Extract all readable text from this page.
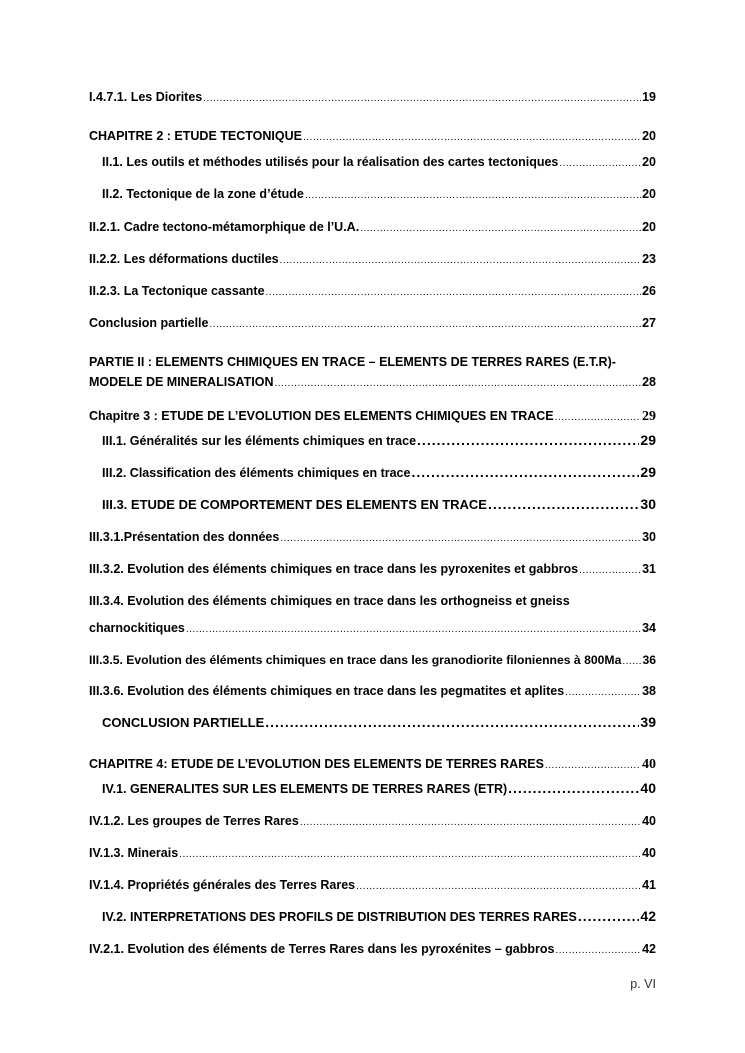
I.4.7.1. Les Diorites .....	19
CHAPITRE 2 : ETUDE TECTONIQUE .....	20
II.1. Les outils et méthodes utilisés pour la réalisation des cartes tectoniques .....	20
II.2. Tectonique de la zone d’étude .....	20
II.2.1. Cadre tectono-métamorphique de l’U.A. .....	20
II.2.2. Les déformations ductiles .....	23
II.2.3. La Tectonique cassante .....	26
Conclusion partielle .....	27
PARTIE II : ELEMENTS CHIMIQUES EN TRACE – ELEMENTS DE TERRES RARES (E.T.R)-
MODELE DE MINERALISATION .....	28
Chapitre 3 : ETUDE DE L’EVOLUTION DES ELEMENTS CHIMIQUES EN TRACE .....	29
III.1. Généralités sur les éléments chimiques en trace .....	29
III.2. Classification des éléments chimiques en trace .....	29
III.3. ETUDE DE COMPORTEMENT DES ELEMENTS EN TRACE .....	30
III.3.1.Présentation des données .....	30
III.3.2. Evolution des éléments chimiques en trace dans les pyroxenites et gabbros .....	31
III.3.4. Evolution des éléments chimiques en trace dans les orthogneiss et gneiss
charnockitiques .....	34
III.3.5. Evolution des éléments chimiques en trace dans les granodiorite filoniennes à 800Ma ..... 36
III.3.6. Evolution des éléments chimiques en trace dans les pegmatites et aplites .....	38
CONCLUSION PARTIELLE .....	39
CHAPITRE 4: ETUDE DE L’EVOLUTION DES ELEMENTS DE TERRES RARES .....	40
IV.1. GENERALITES SUR LES ELEMENTS DE TERRES RARES (ETR) .....	40
IV.1.2. Les groupes de Terres Rares .....	40
IV.1.3. Minerais .....	40
IV.1.4. Propriétés générales des Terres Rares .....	41
IV.2. INTERPRETATIONS DES PROFILS DE DISTRIBUTION DES TERRES RARES .....	42
IV.2.1. Evolution des éléments de Terres Rares dans les pyroxénites – gabbros .....	42
p. VI
